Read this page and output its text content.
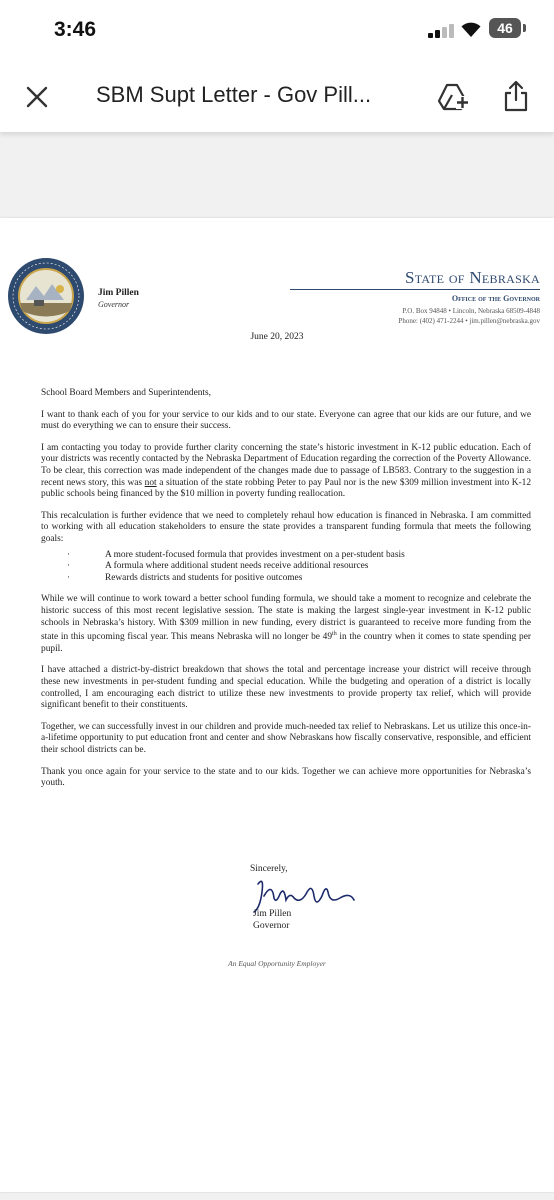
3:46	46
SBM Supt Letter - Gov Pill...
Jim Pillen
Governor
State of Nebraska
Office of the Governor
P.O. Box 94848 • Lincoln, Nebraska 68509-4848
Phone: (402) 471-2244 • jim.pillen@nebraska.gov
June 20, 2023

School Board Members and Superintendents,

I want to thank each of you for your service to our kids and to our state. Everyone can agree that our kids are our future, and we must do everything we can to ensure their success.

I am contacting you today to provide further clarity concerning the state’s historic investment in K-12 public education. Each of your districts was recently contacted by the Nebraska Department of Education regarding the correction of the Poverty Allowance. To be clear, this correction was made independent of the changes made due to passage of LB583. Contrary to the suggestion in a recent news story, this was not a situation of the state robbing Peter to pay Paul nor is the new $309 million investment into K-12 public schools being financed by the $10 million in poverty funding reallocation.

This recalculation is further evidence that we need to completely rehaul how education is financed in Nebraska. I am committed to working with all education stakeholders to ensure the state provides a transparent funding formula that meets the following goals:

· A more student-focused formula that provides investment on a per-student basis
· A formula where additional student needs receive additional resources
· Rewards districts and students for positive outcomes

While we will continue to work toward a better school funding formula, we should take a moment to recognize and celebrate the historic success of this most recent legislative session. The state is making the largest single-year investment in K-12 public schools in Nebraska’s history. With $309 million in new funding, every district is guaranteed to receive more funding from the state in this upcoming fiscal year. This means Nebraska will no longer be 49th in the country when it comes to state spending per pupil.

I have attached a district-by-district breakdown that shows the total and percentage increase your district will receive through these new investments in per-student funding and special education. While the budgeting and operation of a district is locally controlled, I am encouraging each district to utilize these new investments to provide property tax relief, which will provide significant benefit to their constituents.

Together, we can successfully invest in our children and provide much-needed tax relief to Nebraskans. Let us utilize this once-in-a-lifetime opportunity to put education front and center and show Nebraskans how fiscally conservative, responsible, and efficient their school districts can be.

Thank you once again for your service to the state and to our kids. Together we can achieve more opportunities for Nebraska’s youth.

Sincerely,
Jim Pillen
Governor
An Equal Opportunity Employer
